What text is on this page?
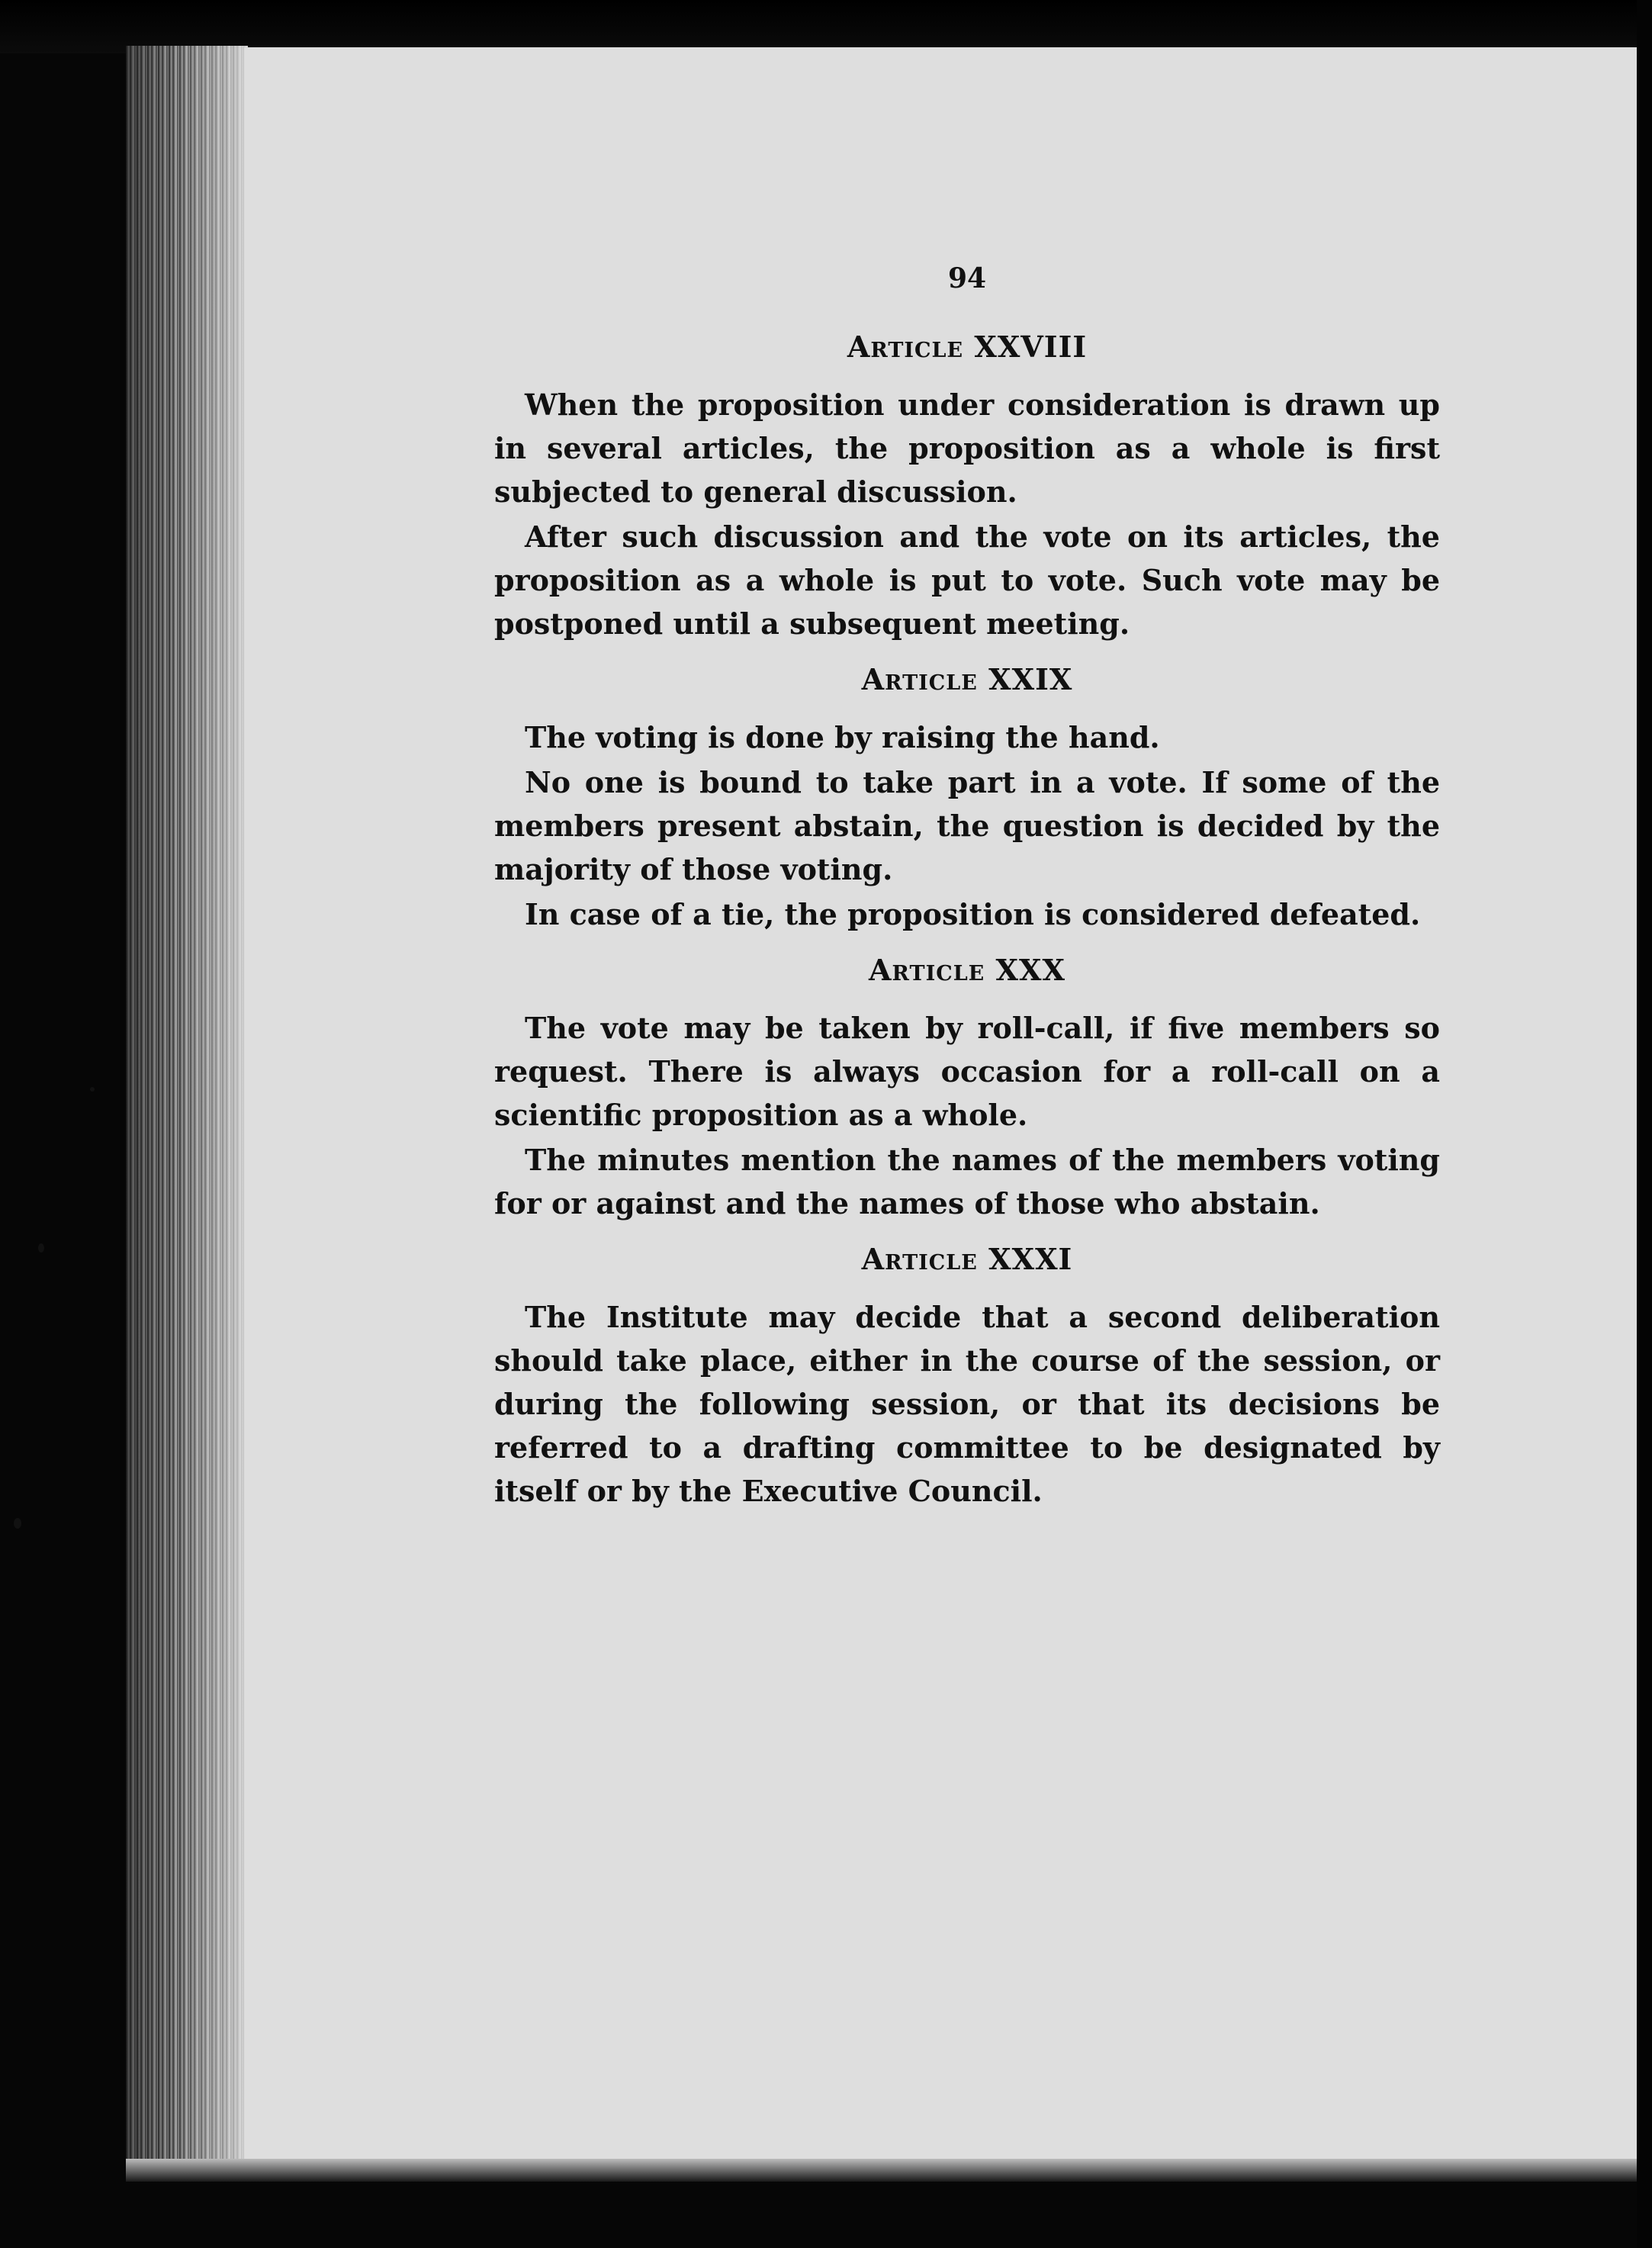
94
Article XXVIII

When the proposition under consideration is drawn up in several articles, the proposition as a whole is first subjected to general discussion.

After such discussion and the vote on its articles, the proposition as a whole is put to vote. Such vote may be postponed until a subsequent meeting.

Article XXIX

The voting is done by raising the hand.

No one is bound to take part in a vote. If some of the members present abstain, the question is decided by the majority of those voting.

In case of a tie, the proposition is considered defeated.

Article XXX

The vote may be taken by roll-call, if five members so request. There is always occasion for a roll-call on a scientific proposition as a whole.

The minutes mention the names of the members voting for or against and the names of those who abstain.

Article XXXI

The Institute may decide that a second deliberation should take place, either in the course of the session, or during the following session, or that its decisions be referred to a drafting committee to be designated by itself or by the Executive Council.
